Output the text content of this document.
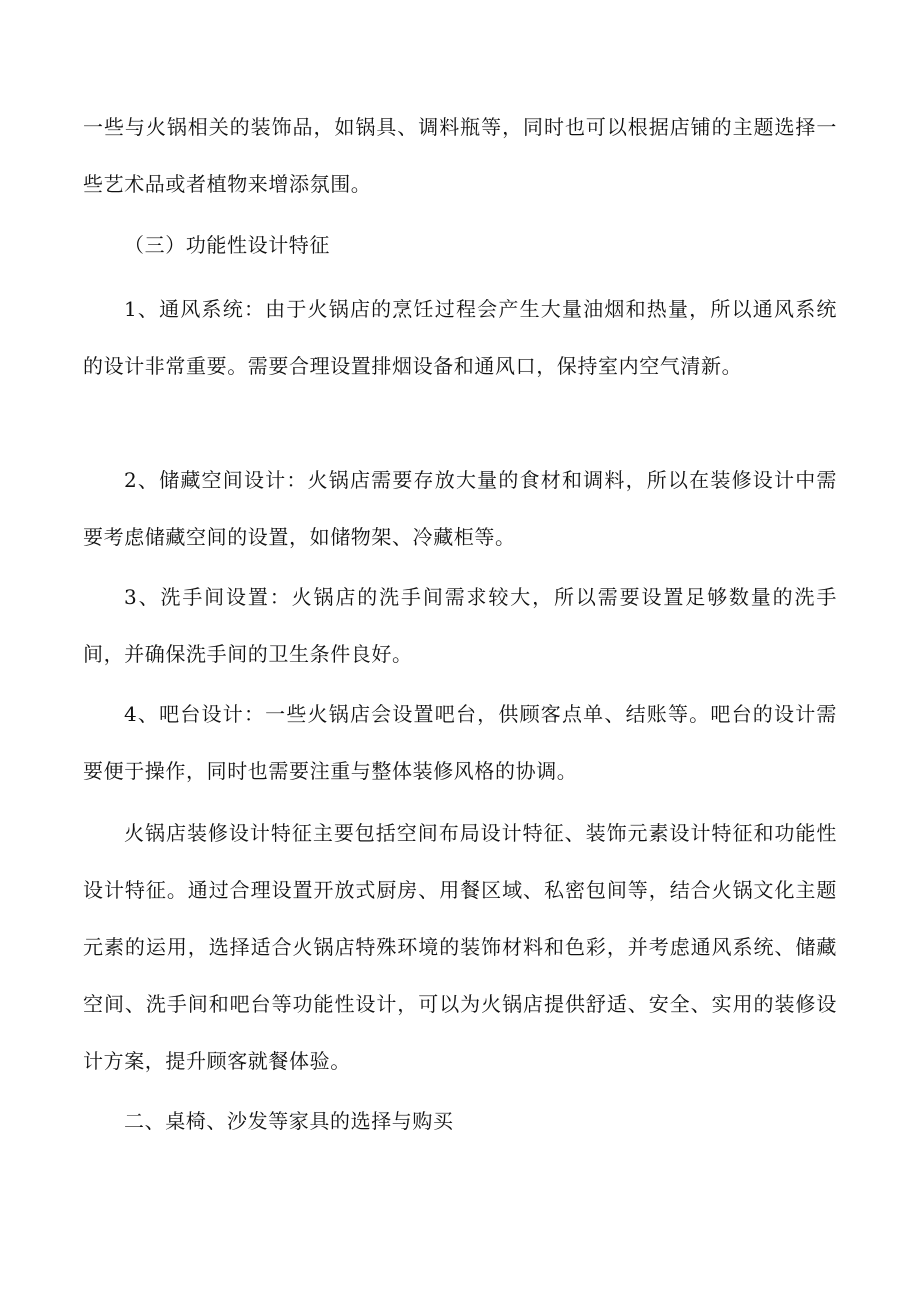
一些与火锅相关的装饰品，如锅具、调料瓶等，同时也可以根据店铺的主题选择一些艺术品或者植物来增添氛围。

（三）功能性设计特征

1、通风系统：由于火锅店的烹饪过程会产生大量油烟和热量，所以通风系统的设计非常重要。需要合理设置排烟设备和通风口，保持室内空气清新。

2、储藏空间设计：火锅店需要存放大量的食材和调料，所以在装修设计中需要考虑储藏空间的设置，如储物架、冷藏柜等。

3、洗手间设置：火锅店的洗手间需求较大，所以需要设置足够数量的洗手间，并确保洗手间的卫生条件良好。

4、吧台设计：一些火锅店会设置吧台，供顾客点单、结账等。吧台的设计需要便于操作，同时也需要注重与整体装修风格的协调。

火锅店装修设计特征主要包括空间布局设计特征、装饰元素设计特征和功能性设计特征。通过合理设置开放式厨房、用餐区域、私密包间等，结合火锅文化主题元素的运用，选择适合火锅店特殊环境的装饰材料和色彩，并考虑通风系统、储藏空间、洗手间和吧台等功能性设计，可以为火锅店提供舒适、安全、实用的装修设计方案，提升顾客就餐体验。

二、桌椅、沙发等家具的选择与购买
